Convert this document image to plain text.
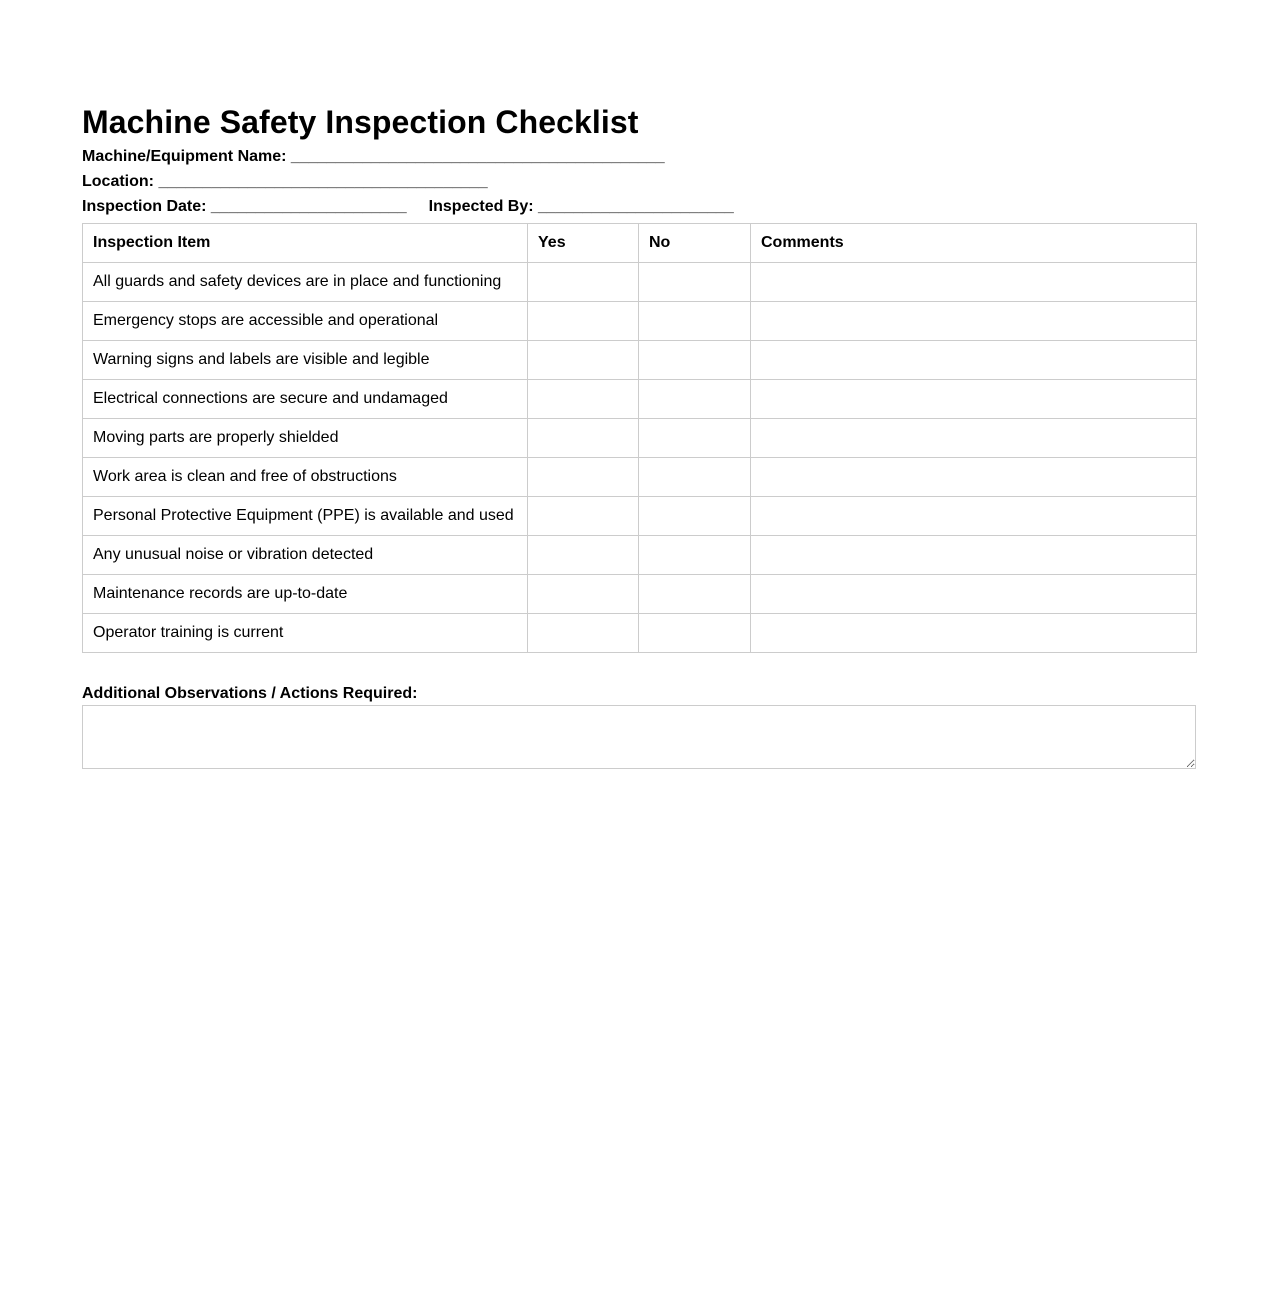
Machine Safety Inspection Checklist
Machine/Equipment Name: __________________________________________
Location: _____________________________________
Inspection Date: ______________________ Inspected By: ______________________
Inspection Item	Yes	No	Comments
All guards and safety devices are in place and functioning			
Emergency stops are accessible and operational			
Warning signs and labels are visible and legible			
Electrical connections are secure and undamaged			
Moving parts are properly shielded			
Work area is clean and free of obstructions			
Personal Protective Equipment (PPE) is available and used			
Any unusual noise or vibration detected			
Maintenance records are up-to-date			
Operator training is current			
Additional Observations / Actions Required:
